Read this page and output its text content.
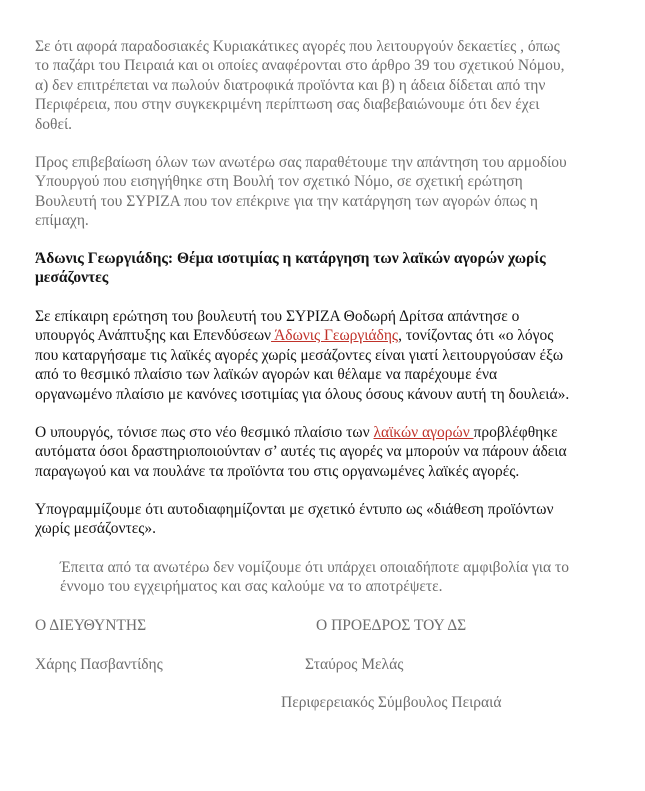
Σε ότι αφορά παραδοσιακές Κυριακάτικες αγορές που λειτουργούν δεκαετίες , όπως
το παζάρι του Πειραιά και οι οποίες αναφέρονται στο άρθρο 39 του σχετικού Νόμου,
α) δεν επιτρέπεται να πωλούν διατροφικά προϊόντα και β) η άδεια δίδεται από την
Περιφέρεια, που στην συγκεκριμένη περίπτωση σας διαβεβαιώνουμε ότι δεν έχει
δοθεί.
Προς επιβεβαίωση όλων των ανωτέρω σας παραθέτουμε την απάντηση του αρμοδίου
Υπουργού που εισηγήθηκε στη Βουλή τον σχετικό Νόμο, σε σχετική ερώτηση
Βουλευτή του ΣΥΡΙΖΑ που τον επέκρινε για την κατάργηση των αγορών όπως η
επίμαχη.
Άδωνις Γεωργιάδης: Θέμα ισοτιμίας η κατάργηση των λαϊκών αγορών χωρίς
μεσάζοντες
Σε επίκαιρη ερώτηση του βουλευτή του ΣΥΡΙΖΑ Θοδωρή Δρίτσα απάντησε ο
υπουργός Ανάπτυξης και Επενδύσεων Άδωνις Γεωργιάδης, τονίζοντας ότι «ο λόγος
που καταργήσαμε τις λαϊκές αγορές χωρίς μεσάζοντες είναι γιατί λειτουργούσαν έξω
από το θεσμικό πλαίσιο των λαϊκών αγορών και θέλαμε να παρέχουμε ένα
οργανωμένο πλαίσιο με κανόνες ισοτιμίας για όλους όσους κάνουν αυτή τη δουλειά».
Ο υπουργός, τόνισε πως στο νέο θεσμικό πλαίσιο των λαϊκών αγορών προβλέφθηκε
αυτόματα όσοι δραστηριοποιούνταν σ’ αυτές τις αγορές να μπορούν να πάρουν άδεια
παραγωγού και να πουλάνε τα προϊόντα του στις οργανωμένες λαϊκές αγορές.
Υπογραμμίζουμε ότι αυτοδιαφημίζονται με σχετικό έντυπο ως «διάθεση προϊόντων
χωρίς μεσάζοντες».
Έπειτα από τα ανωτέρω δεν νομίζουμε ότι υπάρχει οποιαδήποτε αμφιβολία για το
έννομο του εγχειρήματος και σας καλούμε να το αποτρέψετε.
Ο ΔΙΕΥΘΥΝΤΗΣ	Ο ΠΡΟΕΔΡΟΣ ΤΟΥ ΔΣ
Χάρης Πασβαντίδης	Σταύρος Μελάς
Περιφερειακός Σύμβουλος Πειραιά
